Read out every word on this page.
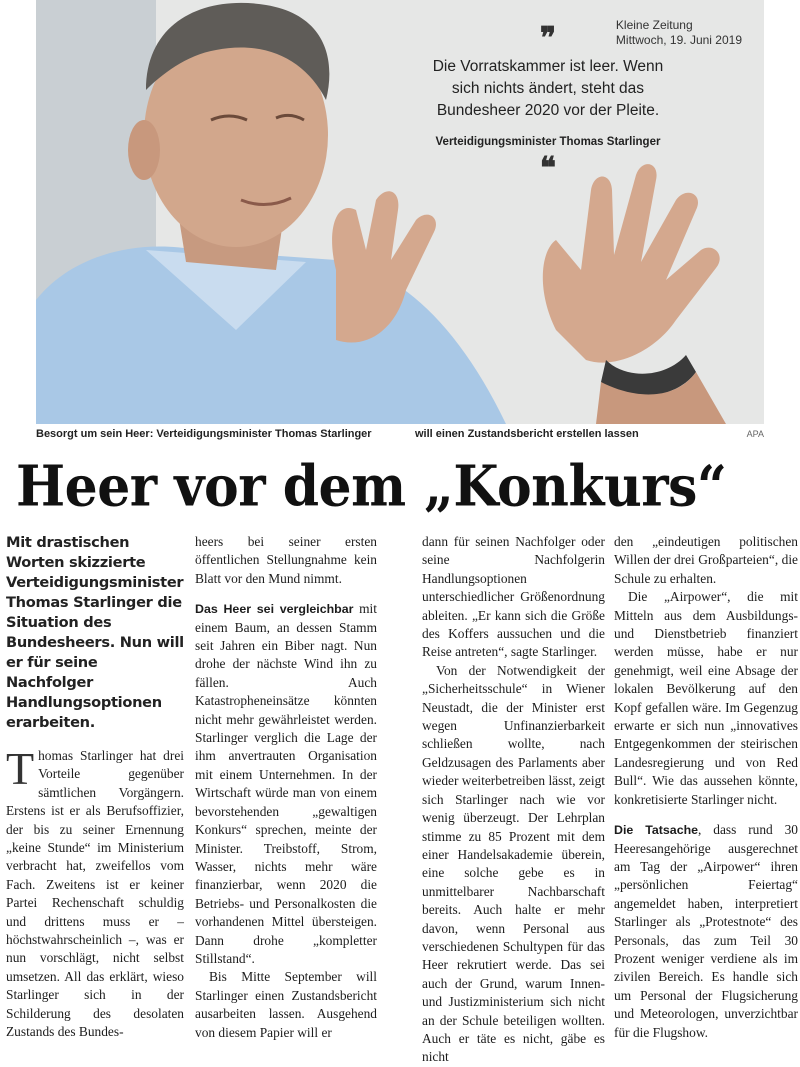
Kleine Zeitung
Mittwoch, 19. Juni 2019
❞
Die Vorratskammer ist leer. Wenn sich nichts ändert, steht das Bundesheer 2020 vor der Pleite.
Verteidigungsminister Thomas Starlinger
❝
Besorgt um sein Heer: Verteidigungsminister Thomas Starlinger	will einen Zustandsbericht erstellen lassen	APA
Heer vor dem „Konkurs“
Mit drastischen Worten skizzierte Verteidigungsminister Thomas Starlinger die Situation des Bundesheers. Nun will er für seine Nachfolger Handlungsoptionen erarbeiten.

Thomas Starlinger hat drei Vorteile gegenüber sämtlichen Vorgängern. Erstens ist er als Berufsoffizier, der bis zu seiner Ernennung „keine Stunde“ im Ministerium verbracht hat, zweifellos vom Fach. Zweitens ist er keiner Partei Rechenschaft schuldig und drittens muss er – höchstwahrscheinlich –, was er nun vorschlägt, nicht selbst umsetzen. All das erklärt, wieso Starlinger sich in der Schilderung des desolaten Zustands des Bundes-

heers bei seiner ersten öffentlichen Stellungnahme kein Blatt vor den Mund nimmt.

Das Heer sei vergleichbar mit einem Baum, an dessen Stamm seit Jahren ein Biber nagt. Nun drohe der nächste Wind ihn zu fällen. Auch Katastropheneinsätze könnten nicht mehr gewährleistet werden. Starlinger verglich die Lage der ihm anvertrauten Organisation mit einem Unternehmen. In der Wirtschaft würde man von einem bevorstehenden „gewaltigen Konkurs“ sprechen, meinte der Minister. Treibstoff, Strom, Wasser, nichts mehr wäre finanzierbar, wenn 2020 die Betriebs- und Personalkosten die vorhandenen Mittel übersteigen. Dann drohe „kompletter Stillstand“.

Bis Mitte September will Starlinger einen Zustandsbericht ausarbeiten lassen. Ausgehend von diesem Papier will er

dann für seinen Nachfolger oder seine Nachfolgerin Handlungsoptionen unterschiedlicher Größenordnung ableiten. „Er kann sich die Größe des Koffers aussuchen und die Reise antreten“, sagte Starlinger.

Von der Notwendigkeit der „Sicherheitsschule“ in Wiener Neustadt, die der Minister erst wegen Unfinanzierbarkeit schließen wollte, nach Geldzusagen des Parlaments aber wieder weiterbetreiben lässt, zeigt sich Starlinger nach wie vor wenig überzeugt. Der Lehrplan stimme zu 85 Prozent mit dem einer Handelsakademie überein, eine solche gebe es in unmittelbarer Nachbarschaft bereits. Auch halte er mehr davon, wenn Personal aus verschiedenen Schultypen für das Heer rekrutiert werde. Das sei auch der Grund, warum Innen- und Justizministerium sich nicht an der Schule beteiligen wollten. Auch er täte es nicht, gäbe es nicht

den „eindeutigen politischen Willen der drei Großparteien“, die Schule zu erhalten.

Die „Airpower“, die mit Mitteln aus dem Ausbildungs- und Dienstbetrieb finanziert werden müsse, habe er nur genehmigt, weil eine Absage der lokalen Bevölkerung auf den Kopf gefallen wäre. Im Gegenzug erwarte er sich nun „innovatives Entgegenkommen der steirischen Landesregierung und von Red Bull“. Wie das aussehen könnte, konkretisierte Starlinger nicht.

Die Tatsache, dass rund 30 Heeresangehörige ausgerechnet am Tag der „Airpower“ ihren „persönlichen Feiertag“ angemeldet haben, interpretiert Starlinger als „Protestnote“ des Personals, das zum Teil 30 Prozent weniger verdiene als im zivilen Bereich. Es handle sich um Personal der Flugsicherung und Meteorologen, unverzichtbar für die Flugshow.
